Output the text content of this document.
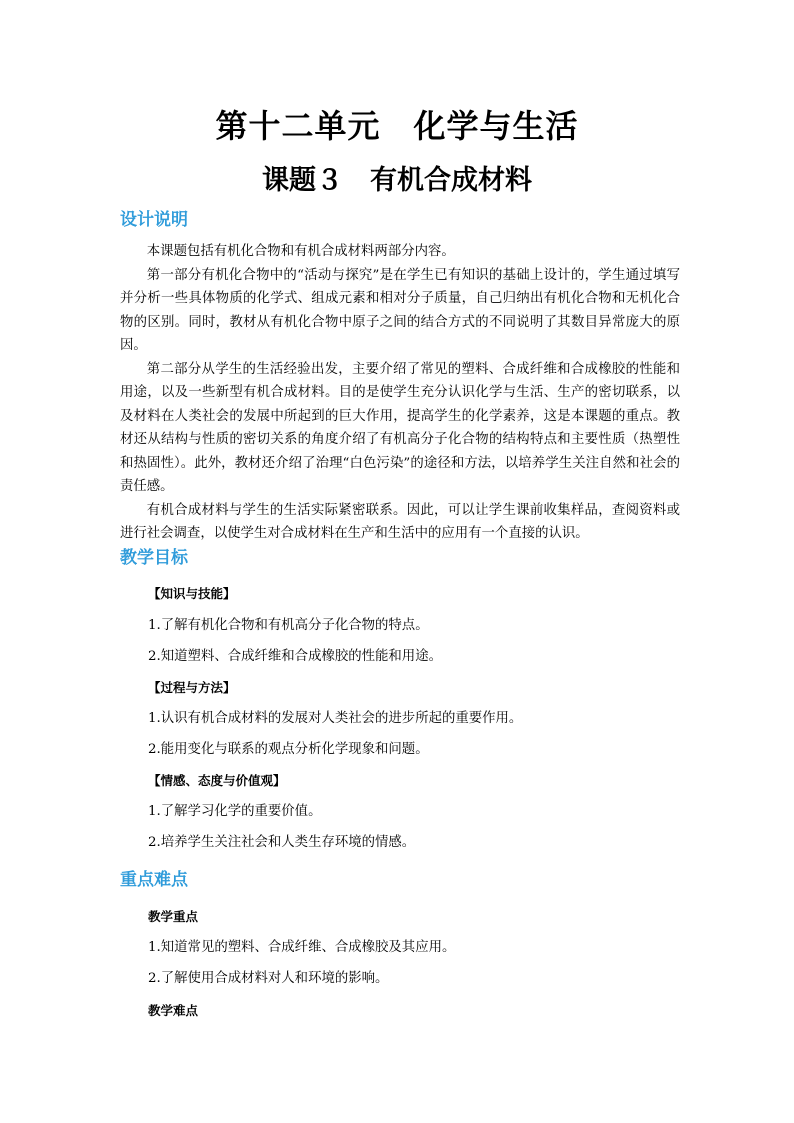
第十二单元　化学与生活
课题３　有机合成材料
设计说明

本课题包括有机化合物和有机合成材料两部分内容。

第一部分有机化合物中的“活动与探究”是在学生已有知识的基础上设计的，学生通过填写并分析一些具体物质的化学式、组成元素和相对分子质量，自己归纳出有机化合物和无机化合物的区别。同时，教材从有机化合物中原子之间的结合方式的不同说明了其数目异常庞大的原因。

第二部分从学生的生活经验出发，主要介绍了常见的塑料、合成纤维和合成橡胶的性能和用途，以及一些新型有机合成材料。目的是使学生充分认识化学与生活、生产的密切联系，以及材料在人类社会的发展中所起到的巨大作用，提高学生的化学素养，这是本课题的重点。教材还从结构与性质的密切关系的角度介绍了有机高分子化合物的结构特点和主要性质（热塑性和热固性）。此外，教材还介绍了治理“白色污染”的途径和方法，以培养学生关注自然和社会的责任感。

有机合成材料与学生的生活实际紧密联系。因此，可以让学生课前收集样品，查阅资料或进行社会调查，以使学生对合成材料在生产和生活中的应用有一个直接的认识。

教学目标
【知识与技能】
1.了解有机化合物和有机高分子化合物的特点。
2.知道塑料、合成纤维和合成橡胶的性能和用途。
【过程与方法】
1.认识有机合成材料的发展对人类社会的进步所起的重要作用。
2.能用变化与联系的观点分析化学现象和问题。
【情感、态度与价值观】
1.了解学习化学的重要价值。
2.培养学生关注社会和人类生存环境的情感。
重点难点
教学重点
1.知道常见的塑料、合成纤维、合成橡胶及其应用。
2.了解使用合成材料对人和环境的影响。
教学难点
